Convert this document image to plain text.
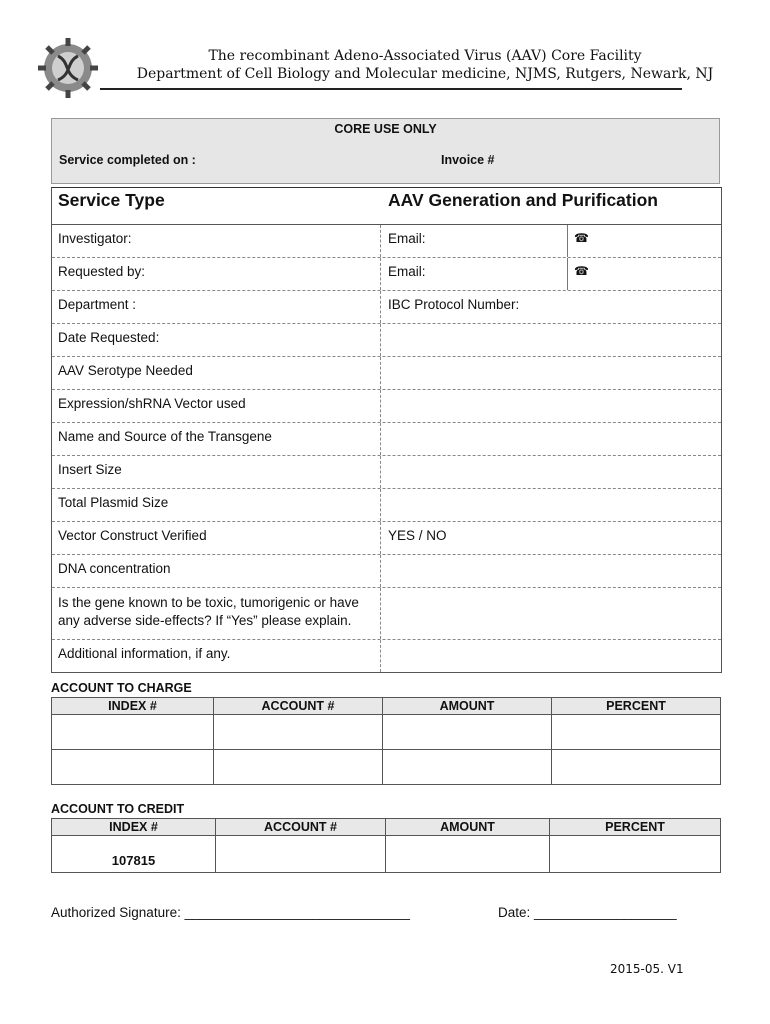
The recombinant Adeno-Associated Virus (AAV) Core Facility
Department of Cell Biology and Molecular medicine, NJMS, Rutgers, Newark, NJ
CORE USE ONLY
Service completed on :	Invoice #
Service Type	AAV Generation and Purification
Investigator:	Email:	☎
Requested by:	Email:	☎
Department :	IBC Protocol Number:
Date Requested:
AAV Serotype Needed
Expression/shRNA Vector used
Name and Source of the Transgene
Insert Size
Total Plasmid Size
Vector Construct Verified	YES / NO
DNA concentration
Is the gene known to be toxic, tumorigenic or have
any adverse side-effects? If “Yes” please explain.
Additional information, if any.
ACCOUNT TO CHARGE
INDEX #	ACCOUNT #	AMOUNT	PERCENT

ACCOUNT TO CREDIT
INDEX #	ACCOUNT #	AMOUNT	PERCENT
107815			
Authorized Signature: ______________________________	Date: ___________________
2015-05. V1
